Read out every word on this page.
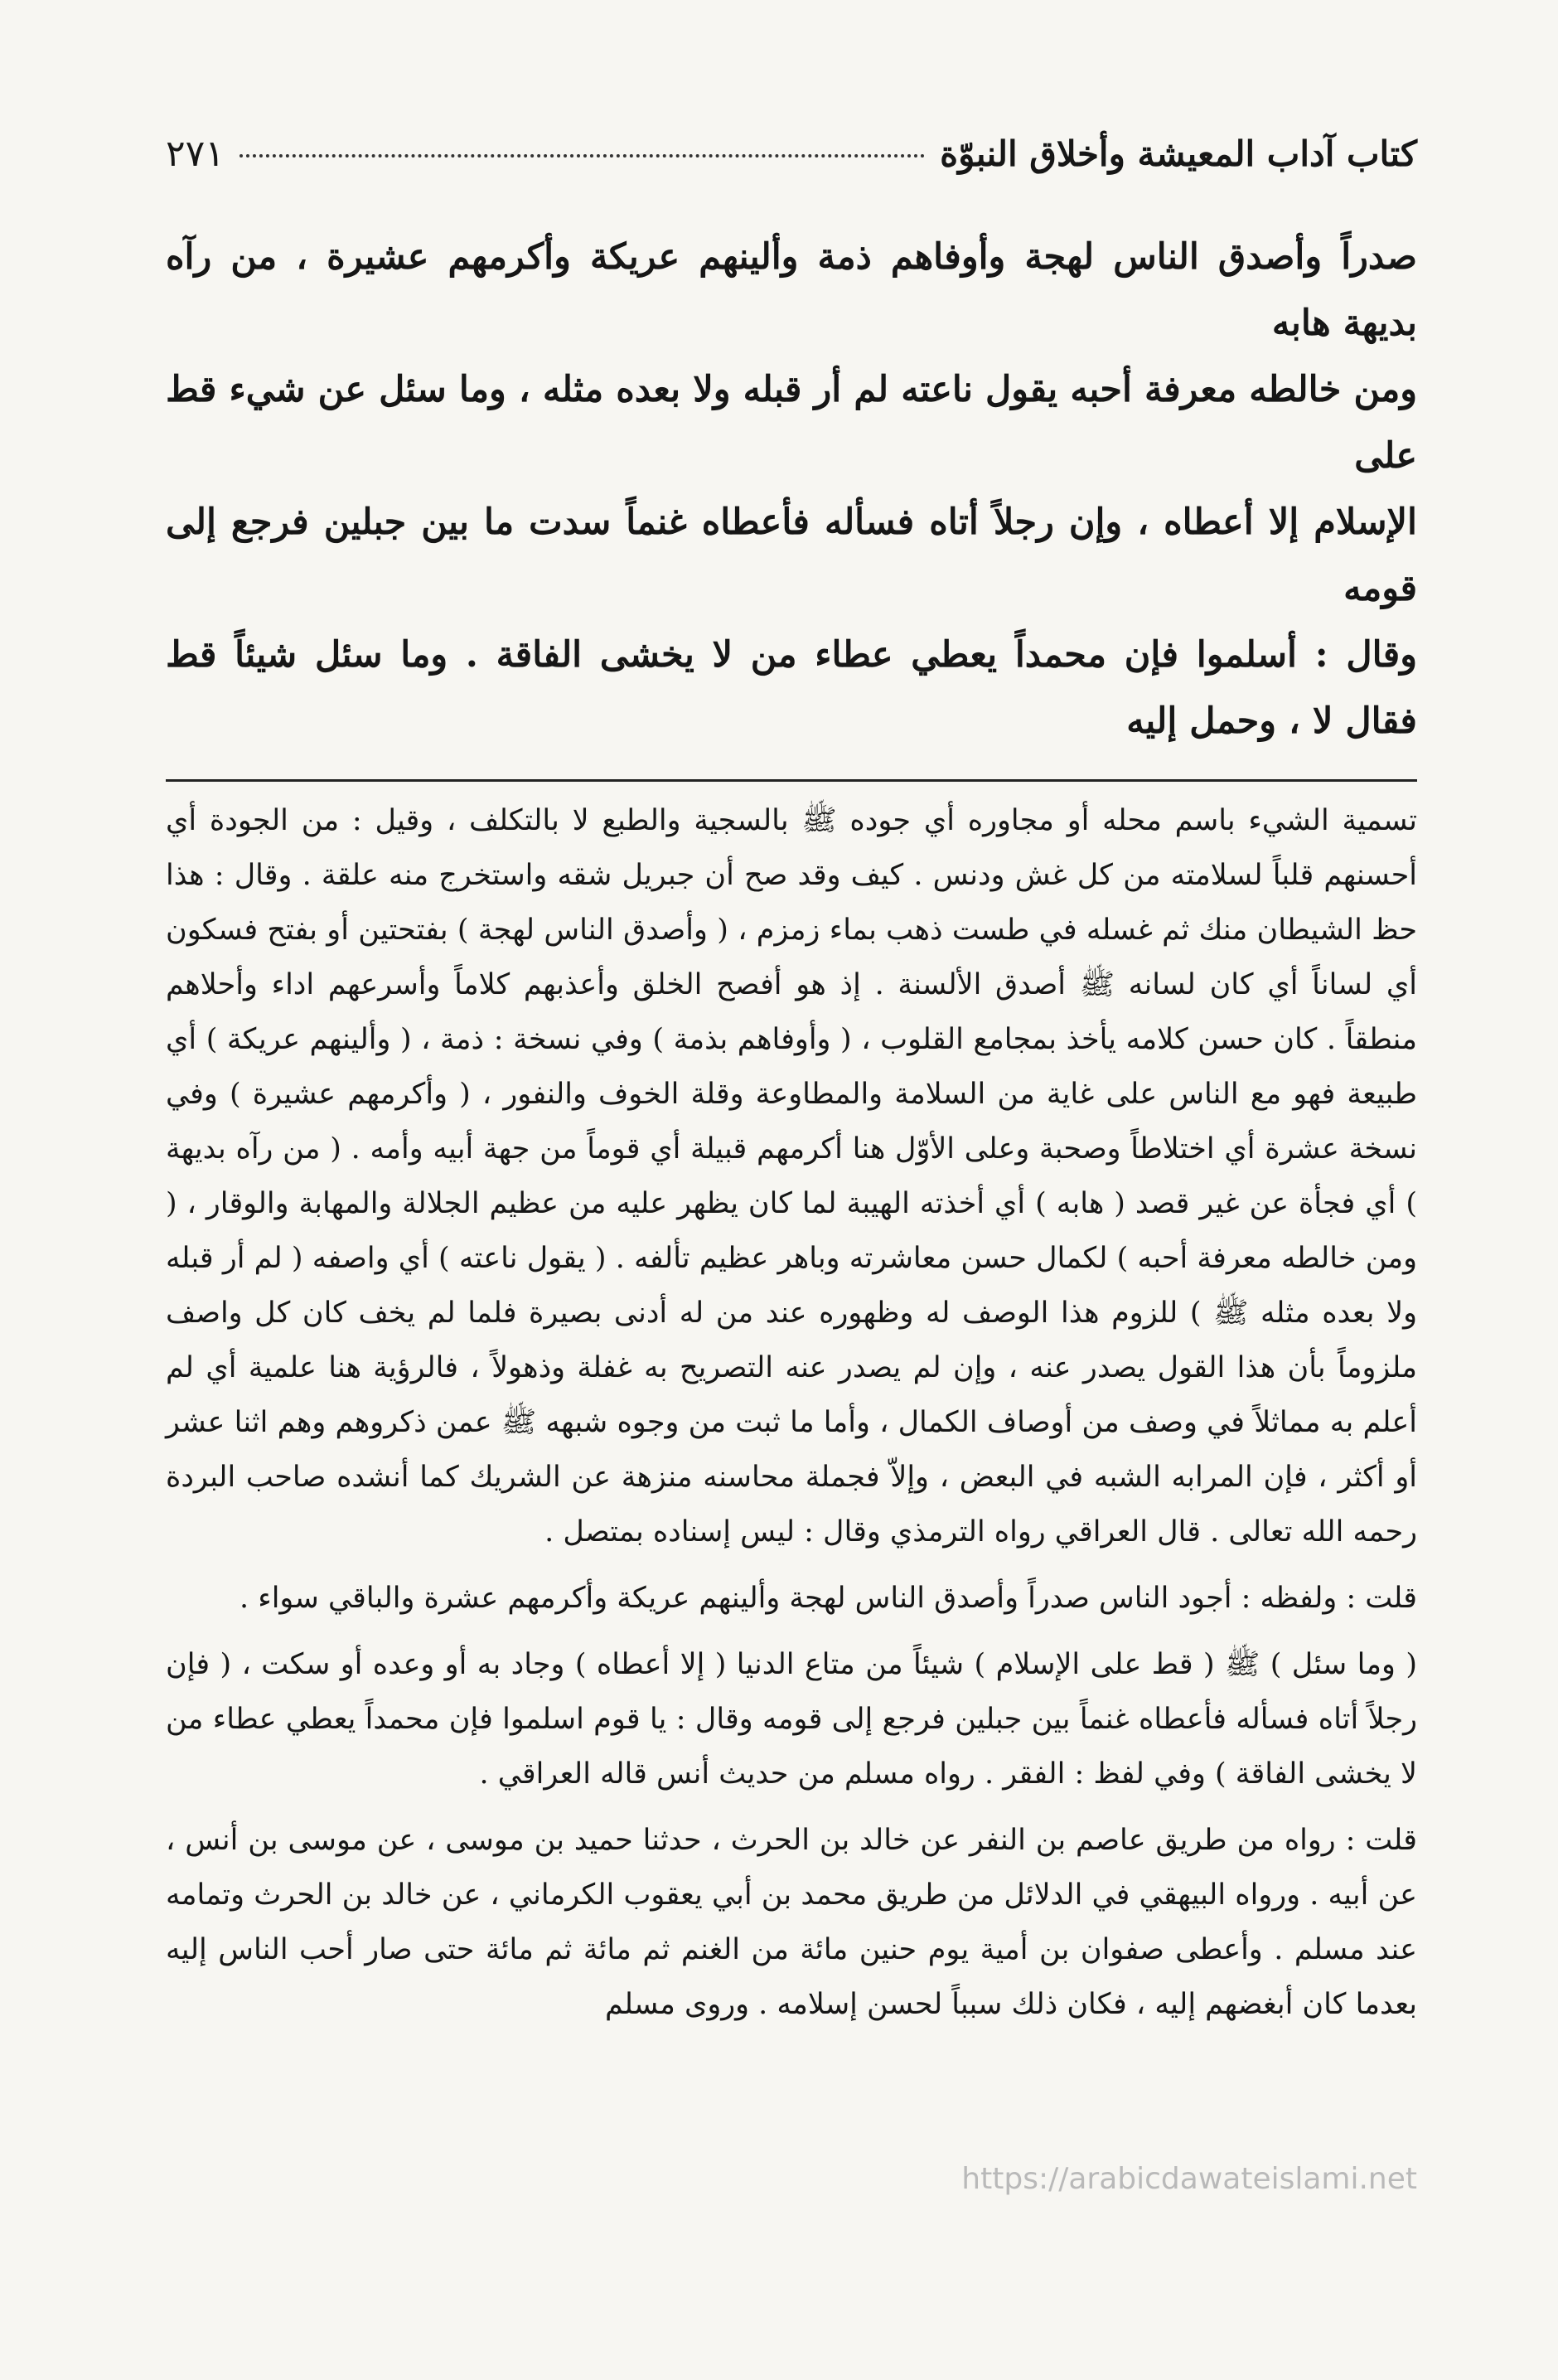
كتاب آداب المعيشة وأخلاق النبوّة
٢٧١

صدراً وأصدق الناس لهجة وأوفاهم ذمة وألينهم عريكة وأكرمهم عشيرة ، من رآه بديهة هابه

ومن خالطه معرفة أحبه يقول ناعته لم أر قبله ولا بعده مثله ، وما سئل عن شيء قط على

الإسلام إلا أعطاه ، وإن رجلاً أتاه فسأله فأعطاه غنماً سدت ما بين جبلين فرجع إلى قومه

وقال : أسلموا فإن محمداً يعطي عطاء من لا يخشى الفاقة . وما سئل شيئاً قط فقال لا ، وحمل إليه

تسمية الشيء باسم محله أو مجاوره أي جوده ﷺ بالسجية والطبع لا بالتكلف ، وقيل : من الجودة أي أحسنهم قلباً لسلامته من كل غش ودنس . كيف وقد صح أن جبريل شقه واستخرج منه علقة . وقال : هذا حظ الشيطان منك ثم غسله في طست ذهب بماء زمزم ، ( وأصدق الناس لهجة ) بفتحتين أو بفتح فسكون أي لساناً أي كان لسانه ﷺ أصدق الألسنة . إذ هو أفصح الخلق وأعذبهم كلاماً وأسرعهم اداء وأحلاهم منطقاً . كان حسن كلامه يأخذ بمجامع القلوب ، ( وأوفاهم بذمة ) وفي نسخة : ذمة ، ( وألينهم عريكة ) أي طبيعة فهو مع الناس على غاية من السلامة والمطاوعة وقلة الخوف والنفور ، ( وأكرمهم عشيرة ) وفي نسخة عشرة أي اختلاطاً وصحبة وعلى الأوّل هنا أكرمهم قبيلة أي قوماً من جهة أبيه وأمه . ( من رآه بديهة ) أي فجأة عن غير قصد ( هابه ) أي أخذته الهيبة لما كان يظهر عليه من عظيم الجلالة والمهابة والوقار ، ( ومن خالطه معرفة أحبه ) لكمال حسن معاشرته وباهر عظيم تألفه . ( يقول ناعته ) أي واصفه ( لم أر قبله ولا بعده مثله ﷺ ) للزوم هذا الوصف له وظهوره عند من له أدنى بصيرة فلما لم يخف كان كل واصف ملزوماً بأن هذا القول يصدر عنه ، وإن لم يصدر عنه التصريح به غفلة وذهولاً ، فالرؤية هنا علمية أي لم أعلم به مماثلاً في وصف من أوصاف الكمال ، وأما ما ثبت من وجوه شبهه ﷺ عمن ذكروهم وهم اثنا عشر أو أكثر ، فإن المرابه الشبه في البعض ، وإلاّ فجملة محاسنه منزهة عن الشريك كما أنشده صاحب البردة رحمه الله تعالى . قال العراقي رواه الترمذي وقال : ليس إسناده بمتصل .

قلت : ولفظه : أجود الناس صدراً وأصدق الناس لهجة وألينهم عريكة وأكرمهم عشرة والباقي سواء .

( وما سئل ) ﷺ ( قط على الإسلام ) شيئاً من متاع الدنيا ( إلا أعطاه ) وجاد به أو وعده أو سكت ، ( فإن رجلاً أتاه فسأله فأعطاه غنماً بين جبلين فرجع إلى قومه وقال : يا قوم اسلموا فإن محمداً يعطي عطاء من لا يخشى الفاقة ) وفي لفظ : الفقر . رواه مسلم من حديث أنس قاله العراقي .

قلت : رواه من طريق عاصم بن النفر عن خالد بن الحرث ، حدثنا حميد بن موسى ، عن موسى بن أنس ، عن أبيه . ورواه البيهقي في الدلائل من طريق محمد بن أبي يعقوب الكرماني ، عن خالد بن الحرث وتمامه عند مسلم . وأعطى صفوان بن أمية يوم حنين مائة من الغنم ثم مائة ثم مائة حتى صار أحب الناس إليه بعدما كان أبغضهم إليه ، فكان ذلك سبباً لحسن إسلامه . وروى مسلم

https://arabicdawateislami.net
